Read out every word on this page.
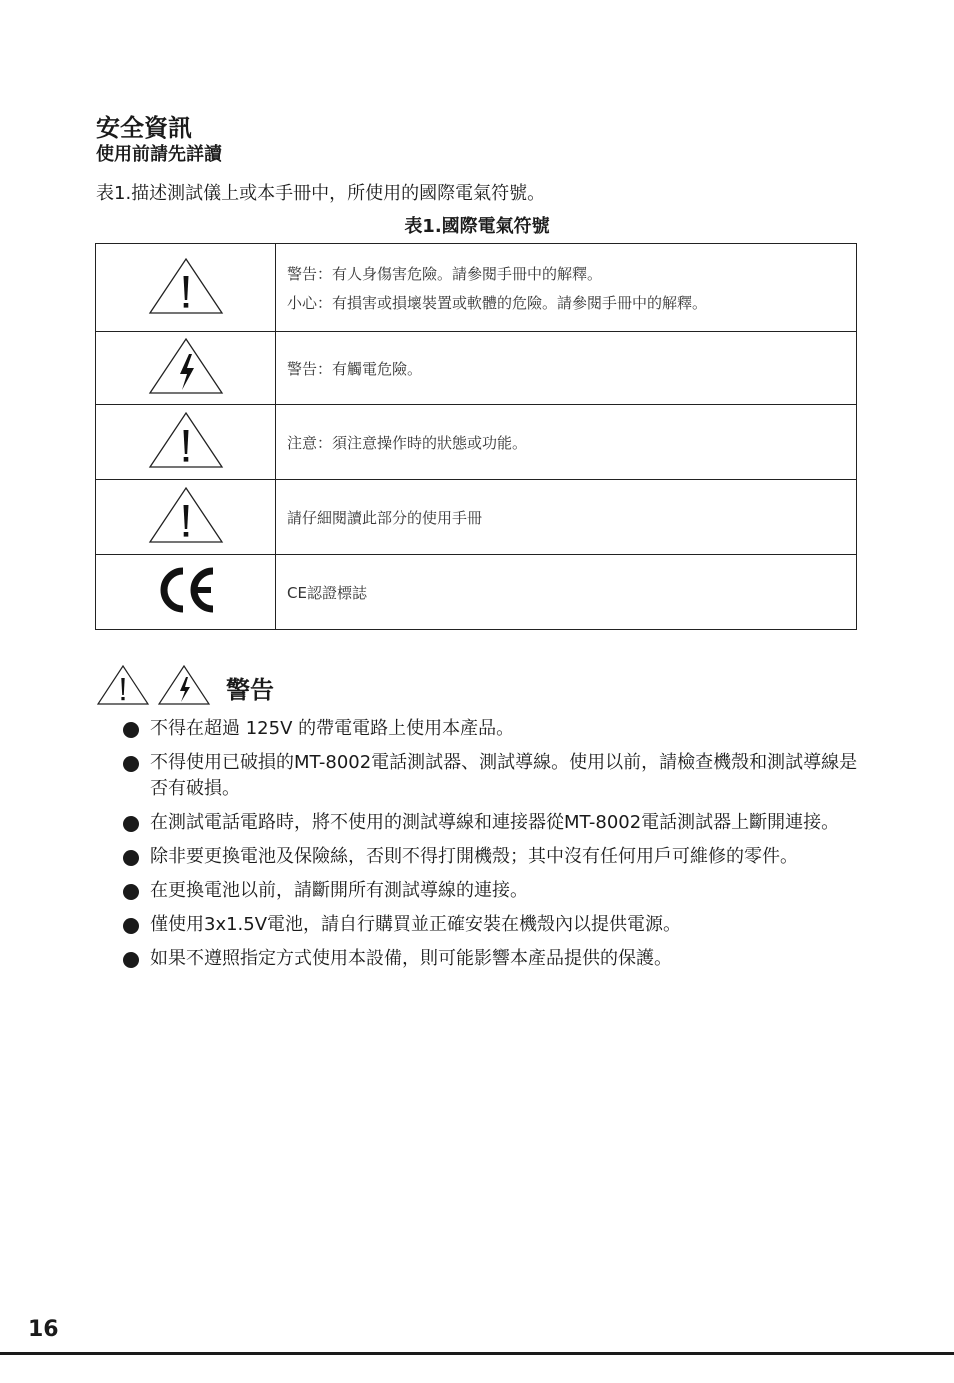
安全資訊
使用前請先詳讀
表1.描述測試儀上或本手冊中，所使用的國際電氣符號。
表1.國際電氣符號

警告：有人身傷害危險。請參閱手冊中的解釋。
小心：有損害或損壞裝置或軟體的危險。請參閱手冊中的解釋。

警告：有觸電危險。

注意：須注意操作時的狀態或功能。

請仔細閱讀此部分的使用手冊

CE認證標誌

警告
不得在超過 125V 的帶電電路上使用本產品。
不得使用已破損的MT-8002電話測試器、測試導線。使用以前，請檢查機殼和測試導線是否有破損。
在測試電話電路時，將不使用的測試導線和連接器從MT-8002電話測試器上斷開連接。
除非要更換電池及保險絲，否則不得打開機殼；其中沒有任何用戶可維修的零件。
在更換電池以前，請斷開所有測試導線的連接。
僅使用3x1.5V電池，請自行購買並正確安裝在機殼內以提供電源。
如果不遵照指定方式使用本設備，則可能影響本產品提供的保護。
16
